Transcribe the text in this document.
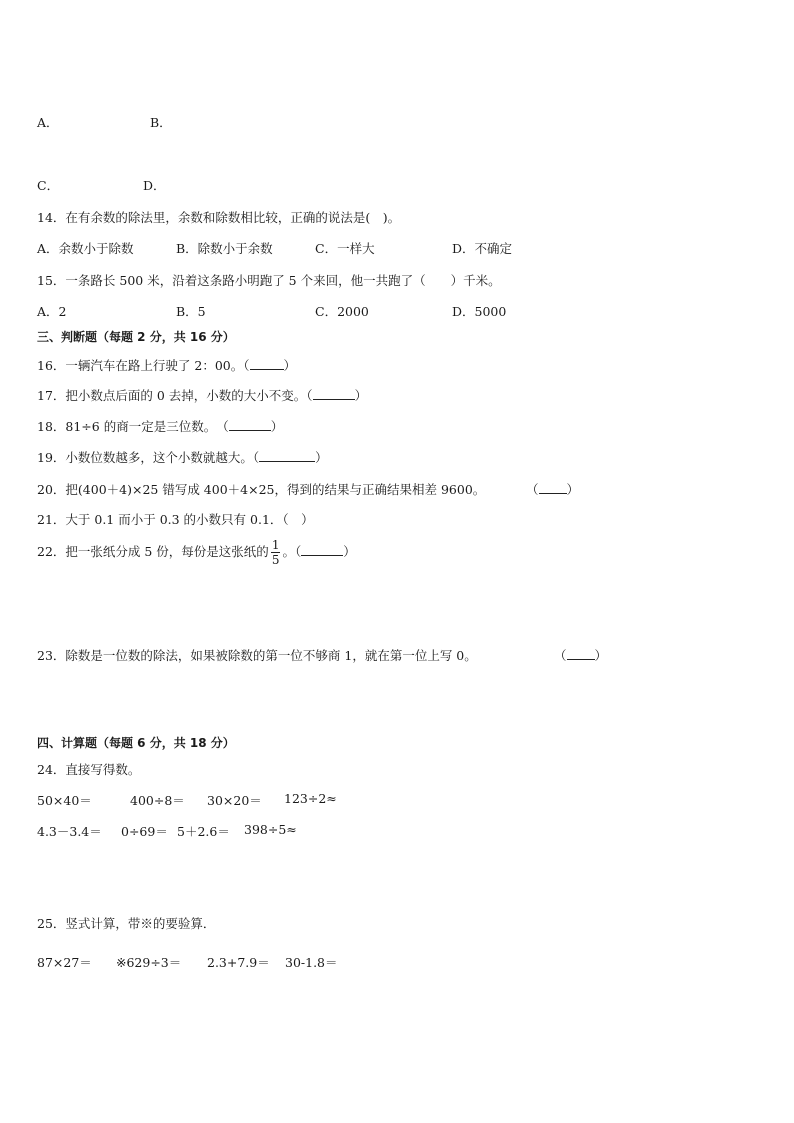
A．	B．
C．	D．
14．在有余数的除法里，余数和除数相比较，正确的说法是(　)。
A．余数小于除数	B．除数小于余数	C．一样大	D．不确定
15．一条路长 500 米，沿着这条路小明跑了 5 个来回，他一共跑了（　　）千米。
A．2	B．5	C．2000	D．5000
三、判断题（每题 2 分，共 16 分）
16．一辆汽车在路上行驶了 2：00。（	）
17．把小数点后面的 0 去掉，小数的大小不变。（	）
18．81÷6 的商一定是三位数。　（	）
19．小数位数越多，这个小数就越大。（	）
20．把(400＋4)×25 错写成 400＋4×25，得到的结果与正确结果相差 9600。	（ ）
21．大于 0.1 而小于 0.3 的小数只有 0.1．（　）
22．把一张纸分成 5 份，每份是这张纸的 $\frac{1}{5}$ 。（	）
23．除数是一位数的除法，如果被除数的第一位不够商 1，就在第一位上写 0。	（ ）
四、计算题（每题 6 分，共 18 分）
24．直接写得数。
50×40＝	400÷8＝ 30×20＝ 123÷2≈
4.3－3.4＝ 0÷69＝ 5＋2.6＝ 398÷5≈
25．竖式计算，带※的要验算．
87×27＝ ※629÷3＝ 2.3+7.9＝ 30-1.8＝
